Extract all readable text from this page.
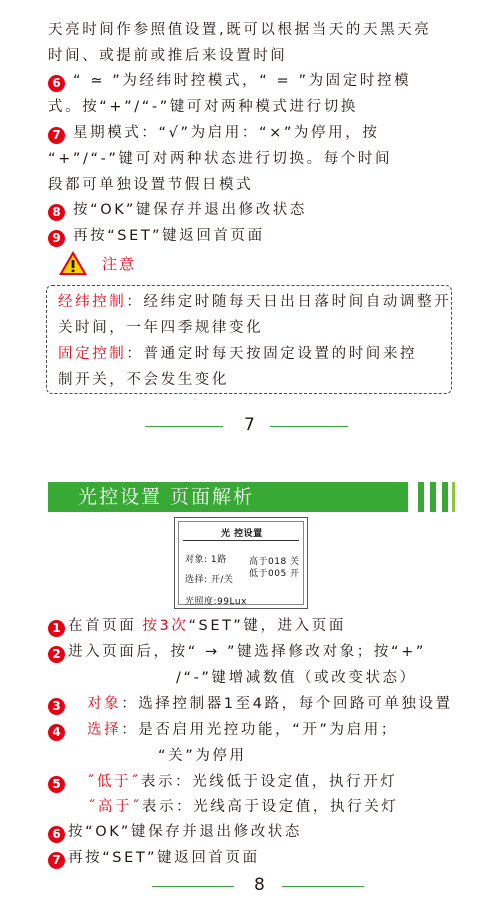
天亮时间作参照值设置,既可以根据当天的天黑天亮
时间、或提前或推后来设置时间
6 “ ≃ ”为经纬时控模式，“ = ”为固定时控模
式。按“+”/“-”键可对两种模式进行切换
7 星期模式：“√”为启用：“×”为停用，按
“+”/“-”键可对两种状态进行切换。每个时间
段都可单独设置节假日模式
8 按“OK”键保存并退出修改状态
9 再按“SET”键返回首页面
注意
经纬控制：经纬定时随每天日出日落时间自动调整开
关时间，一年四季规律变化
固定控制：普通定时每天按固定设置的时间来控
制开关，不会发生变化
7
光控设置 页面解析
光 控设置
对象: 1路 高于018 关
低于005 开
选择: 开/关
光照度:99Lux
1 在首页面 按3次“SET”键，进入页面
2 进入页面后，按“ → ”键选择修改对象；按“+”
/“-”键增减数值（或改变状态）
3 对象：选择控制器1至4路，每个回路可单独设置
4 选择：是否启用光控功能，“开”为启用；
“关”为停用
5 ˝低于˝表示：光线低于设定值，执行开灯
˝高于˝表示：光线高于设定值，执行关灯
6 按“OK”键保存并退出修改状态
7 再按“SET”键返回首页面
8
